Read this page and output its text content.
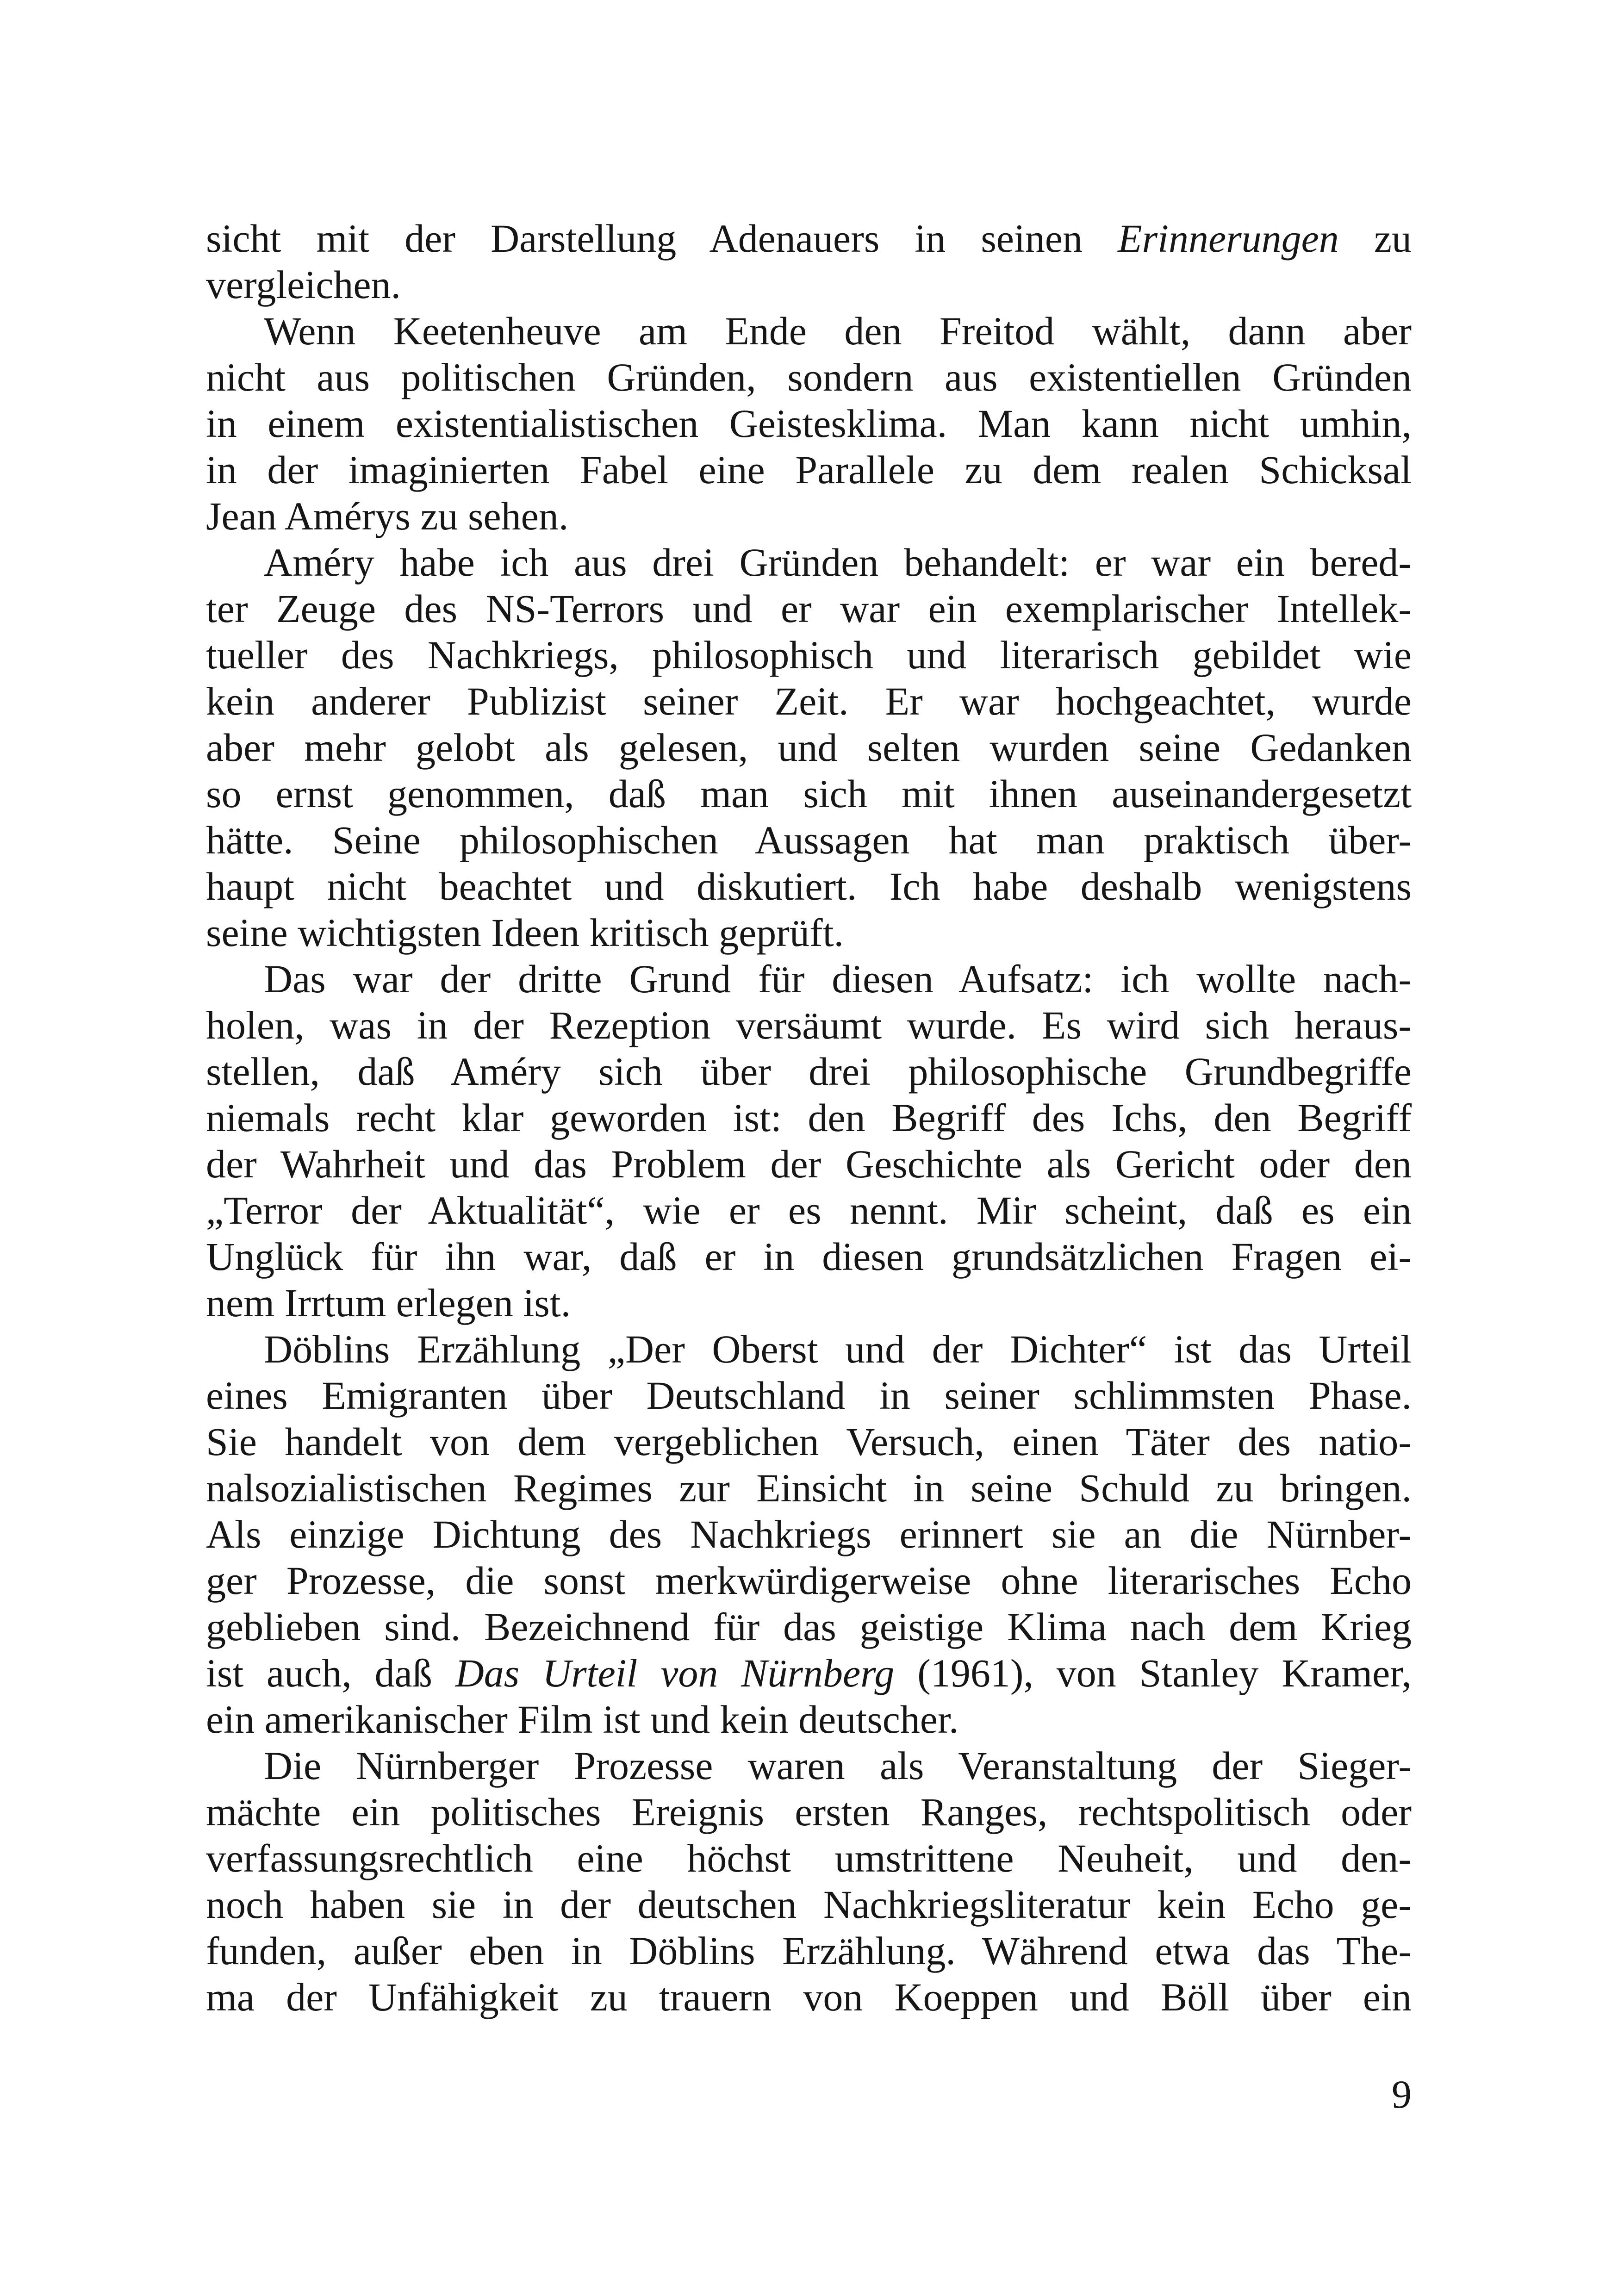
sicht mit der Darstellung Adenauers in seinen Erinnerungen zu
vergleichen.
Wenn Keetenheuve am Ende den Freitod wählt, dann aber
nicht aus politischen Gründen, sondern aus existentiellen Gründen
in einem existentialistischen Geistesklima. Man kann nicht umhin,
in der imaginierten Fabel eine Parallele zu dem realen Schicksal
Jean Amérys zu sehen.
Améry habe ich aus drei Gründen behandelt: er war ein bered-
ter Zeuge des NS-Terrors und er war ein exemplarischer Intellek-
tueller des Nachkriegs, philosophisch und literarisch gebildet wie
kein anderer Publizist seiner Zeit. Er war hochgeachtet, wurde
aber mehr gelobt als gelesen, und selten wurden seine Gedanken
so ernst genommen, daß man sich mit ihnen auseinandergesetzt
hätte. Seine philosophischen Aussagen hat man praktisch über-
haupt nicht beachtet und diskutiert. Ich habe deshalb wenigstens
seine wichtigsten Ideen kritisch geprüft.
Das war der dritte Grund für diesen Aufsatz: ich wollte nach-
holen, was in der Rezeption versäumt wurde. Es wird sich heraus-
stellen, daß Améry sich über drei philosophische Grundbegriffe
niemals recht klar geworden ist: den Begriff des Ichs, den Begriff
der Wahrheit und das Problem der Geschichte als Gericht oder den
„Terror der Aktualität“, wie er es nennt. Mir scheint, daß es ein
Unglück für ihn war, daß er in diesen grundsätzlichen Fragen ei-
nem Irrtum erlegen ist.
Döblins Erzählung „Der Oberst und der Dichter“ ist das Urteil
eines Emigranten über Deutschland in seiner schlimmsten Phase.
Sie handelt von dem vergeblichen Versuch, einen Täter des natio-
nalsozialistischen Regimes zur Einsicht in seine Schuld zu bringen.
Als einzige Dichtung des Nachkriegs erinnert sie an die Nürnber-
ger Prozesse, die sonst merkwürdigerweise ohne literarisches Echo
geblieben sind. Bezeichnend für das geistige Klima nach dem Krieg
ist auch, daß Das Urteil von Nürnberg (1961), von Stanley Kramer,
ein amerikanischer Film ist und kein deutscher.
Die Nürnberger Prozesse waren als Veranstaltung der Sieger-
mächte ein politisches Ereignis ersten Ranges, rechtspolitisch oder
verfassungsrechtlich eine höchst umstrittene Neuheit, und den-
noch haben sie in der deutschen Nachkriegsliteratur kein Echo ge-
funden, außer eben in Döblins Erzählung. Während etwa das The-
ma der Unfähigkeit zu trauern von Koeppen und Böll über ein
9
